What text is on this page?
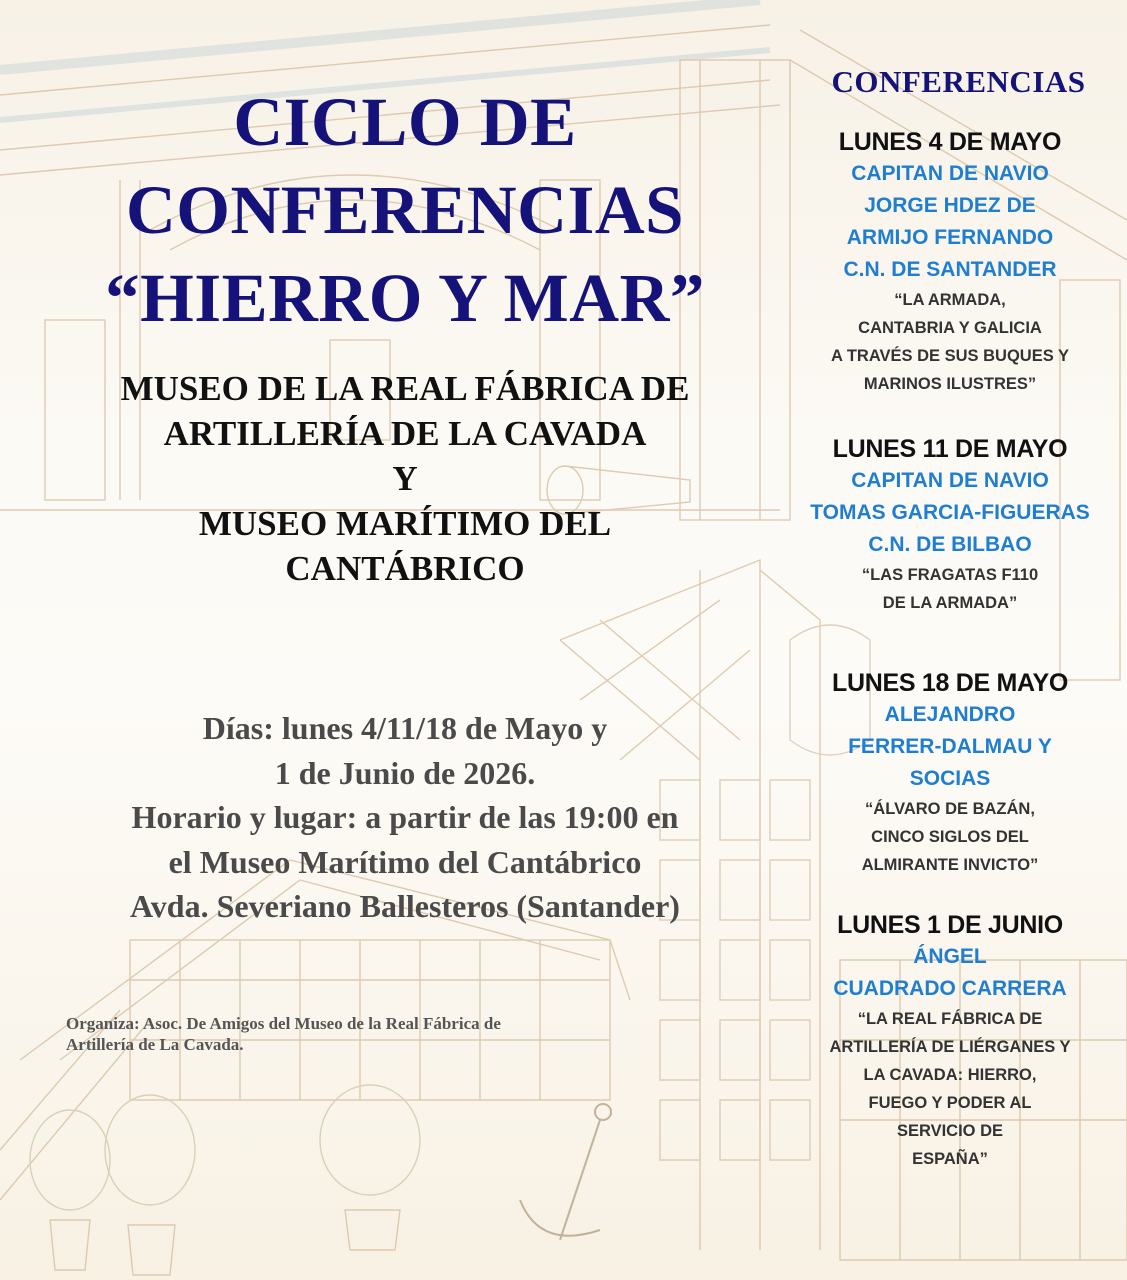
CICLO DE
CONFERENCIAS
“HIERRO Y MAR”
MUSEO DE LA REAL FÁBRICA DE
ARTILLERÍA DE LA CAVADA
Y
MUSEO MARÍTIMO DEL
CANTÁBRICO
Días: lunes 4/11/18 de Mayo y
1 de Junio de 2026.
Horario y lugar: a partir de las 19:00 en
el Museo Marítimo del Cantábrico
Avda. Severiano Ballesteros (Santander)
Organiza: Asoc. De Amigos del Museo de la Real Fábrica de
Artillería de La Cavada.
CONFERENCIAS
LUNES 4 DE MAYO
CAPITAN DE NAVIO
JORGE HDEZ DE
ARMIJO FERNANDO
C.N. DE SANTANDER
“LA ARMADA,
CANTABRIA Y GALICIA
A TRAVÉS DE SUS BUQUES Y
MARINOS ILUSTRES”
LUNES 11 DE MAYO
CAPITAN DE NAVIO
TOMAS GARCIA-FIGUERAS
C.N. DE BILBAO
“LAS FRAGATAS F110
DE LA ARMADA”
LUNES 18 DE MAYO
ALEJANDRO
FERRER-DALMAU Y
SOCIAS
“ÁLVARO DE BAZÁN,
CINCO SIGLOS DEL
ALMIRANTE INVICTO”
LUNES 1 DE JUNIO
ÁNGEL
CUADRADO CARRERA
“LA REAL FÁBRICA DE
ARTILLERÍA DE LIÉRGANES Y
LA CAVADA: HIERRO,
FUEGO Y PODER AL
SERVICIO DE
ESPAÑA”
